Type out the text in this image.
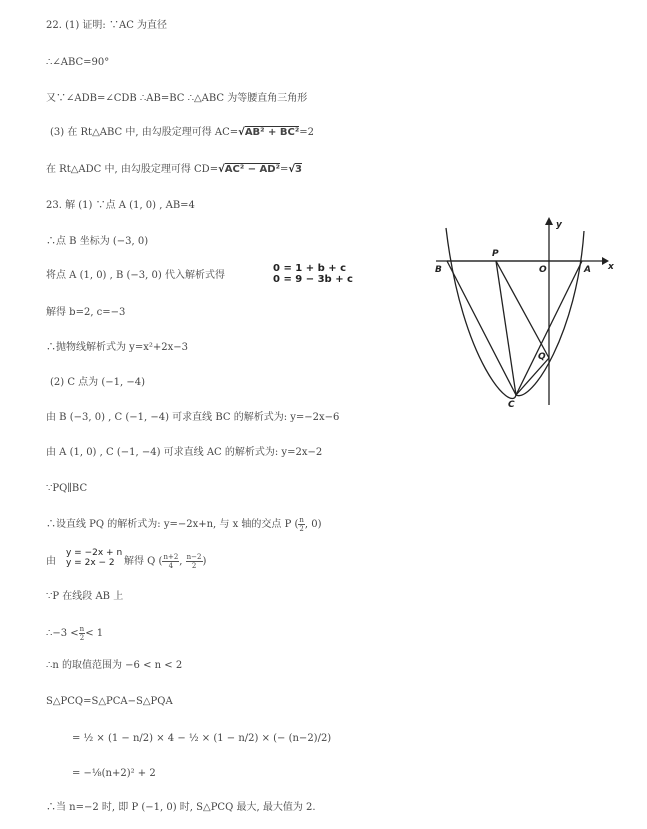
22. (1) 证明: ∵AC 为直径
∴∠ABC=90°
又∵∠ADB=∠CDB ∴AB=BC ∴△ABC 为等腰直角三角形
(3) 在 Rt△ABC 中, 由勾股定理可得 AC=√AB² + BC²=2
在 Rt△ADC 中, 由勾股定理可得 CD=√AC² − AD²=√3
23. 解 (1) ∵点 A (1, 0) , AB=4
∴点 B 坐标为 (−3, 0)
将点 A (1, 0) , B (−3, 0) 代入解析式得
0 = 1 + b + c
0 = 9 − 3b + c
解得 b=2, c=−3
∴抛物线解析式为 y=x²+2x−3
(2) C 点为 (−1, −4)
由 B (−3, 0) , C (−1, −4) 可求直线 BC 的解析式为: y=−2x−6
由 A (1, 0) , C (−1, −4) 可求直线 AC 的解析式为: y=2x−2
∵PQ∥BC
∴设直线 PQ 的解析式为: y=−2x+n, 与 x 轴的交点 P ( $\frac{n}{2}$ , 0)
由	解得 Q ( $\frac{n+2}{4}$ , $\frac{n-2}{2}$ )
y = −2x + n
y = 2x − 2
∵P 在线段 AB 上
∴−3 < $\frac{n}{2} < 1$
∴n 的取值范围为 −6 < n < 2
S△PCQ=S△PCA−S△PQA
= ½ × (1 − n/2) × 4 − ½ × (1 − n/2) × (− (n−2)/2)
= −⅛(n+2)² + 2
∴当 n=−2 时, 即 P (−1, 0) 时, S△PCQ 最大, 最大值为 2.
y
x
B
P
O	A
Q
C
